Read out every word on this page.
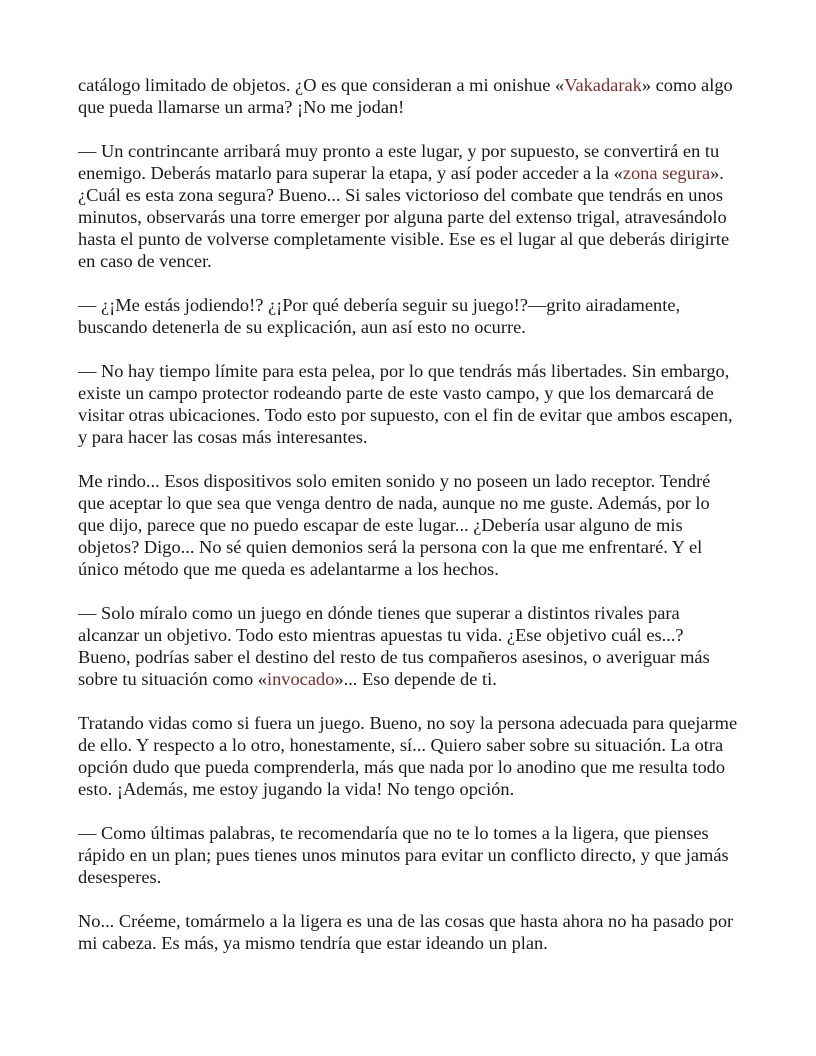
catálogo limitado de objetos. ¿O es que consideran a mi onishue «Vakadarak» como algo que pueda llamarse un arma? ¡No me jodan!

— Un contrincante arribará muy pronto a este lugar, y por supuesto, se convertirá en tu enemigo. Deberás matarlo para superar la etapa, y así poder acceder a la «zona segura». ¿Cuál es esta zona segura? Bueno... Si sales victorioso del combate que tendrás en unos minutos, observarás una torre emerger por alguna parte del extenso trigal, atravesándolo hasta el punto de volverse completamente visible. Ese es el lugar al que deberás dirigirte en caso de vencer.

— ¿¡Me estás jodiendo!? ¿¡Por qué debería seguir su juego!?—grito airadamente, buscando detenerla de su explicación, aun así esto no ocurre.

— No hay tiempo límite para esta pelea, por lo que tendrás más libertades. Sin embargo, existe un campo protector rodeando parte de este vasto campo, y que los demarcará de visitar otras ubicaciones. Todo esto por supuesto, con el fin de evitar que ambos escapen, y para hacer las cosas más interesantes.

Me rindo... Esos dispositivos solo emiten sonido y no poseen un lado receptor. Tendré que aceptar lo que sea que venga dentro de nada, aunque no me guste. Además, por lo que dijo, parece que no puedo escapar de este lugar... ¿Debería usar alguno de mis objetos? Digo... No sé quien demonios será la persona con la que me enfrentaré. Y el único método que me queda es adelantarme a los hechos.

— Solo míralo como un juego en dónde tienes que superar a distintos rivales para alcanzar un objetivo. Todo esto mientras apuestas tu vida. ¿Ese objetivo cuál es...? Bueno, podrías saber el destino del resto de tus compañeros asesinos, o averiguar más sobre tu situación como «invocado»... Eso depende de ti.

Tratando vidas como si fuera un juego. Bueno, no soy la persona adecuada para quejarme de ello. Y respecto a lo otro, honestamente, sí... Quiero saber sobre su situación. La otra opción dudo que pueda comprenderla, más que nada por lo anodino que me resulta todo esto. ¡Además, me estoy jugando la vida! No tengo opción.

— Como últimas palabras, te recomendaría que no te lo tomes a la ligera, que pienses rápido en un plan; pues tienes unos minutos para evitar un conflicto directo, y que jamás desesperes.

No... Créeme, tomármelo a la ligera es una de las cosas que hasta ahora no ha pasado por mi cabeza. Es más, ya mismo tendría que estar ideando un plan.
